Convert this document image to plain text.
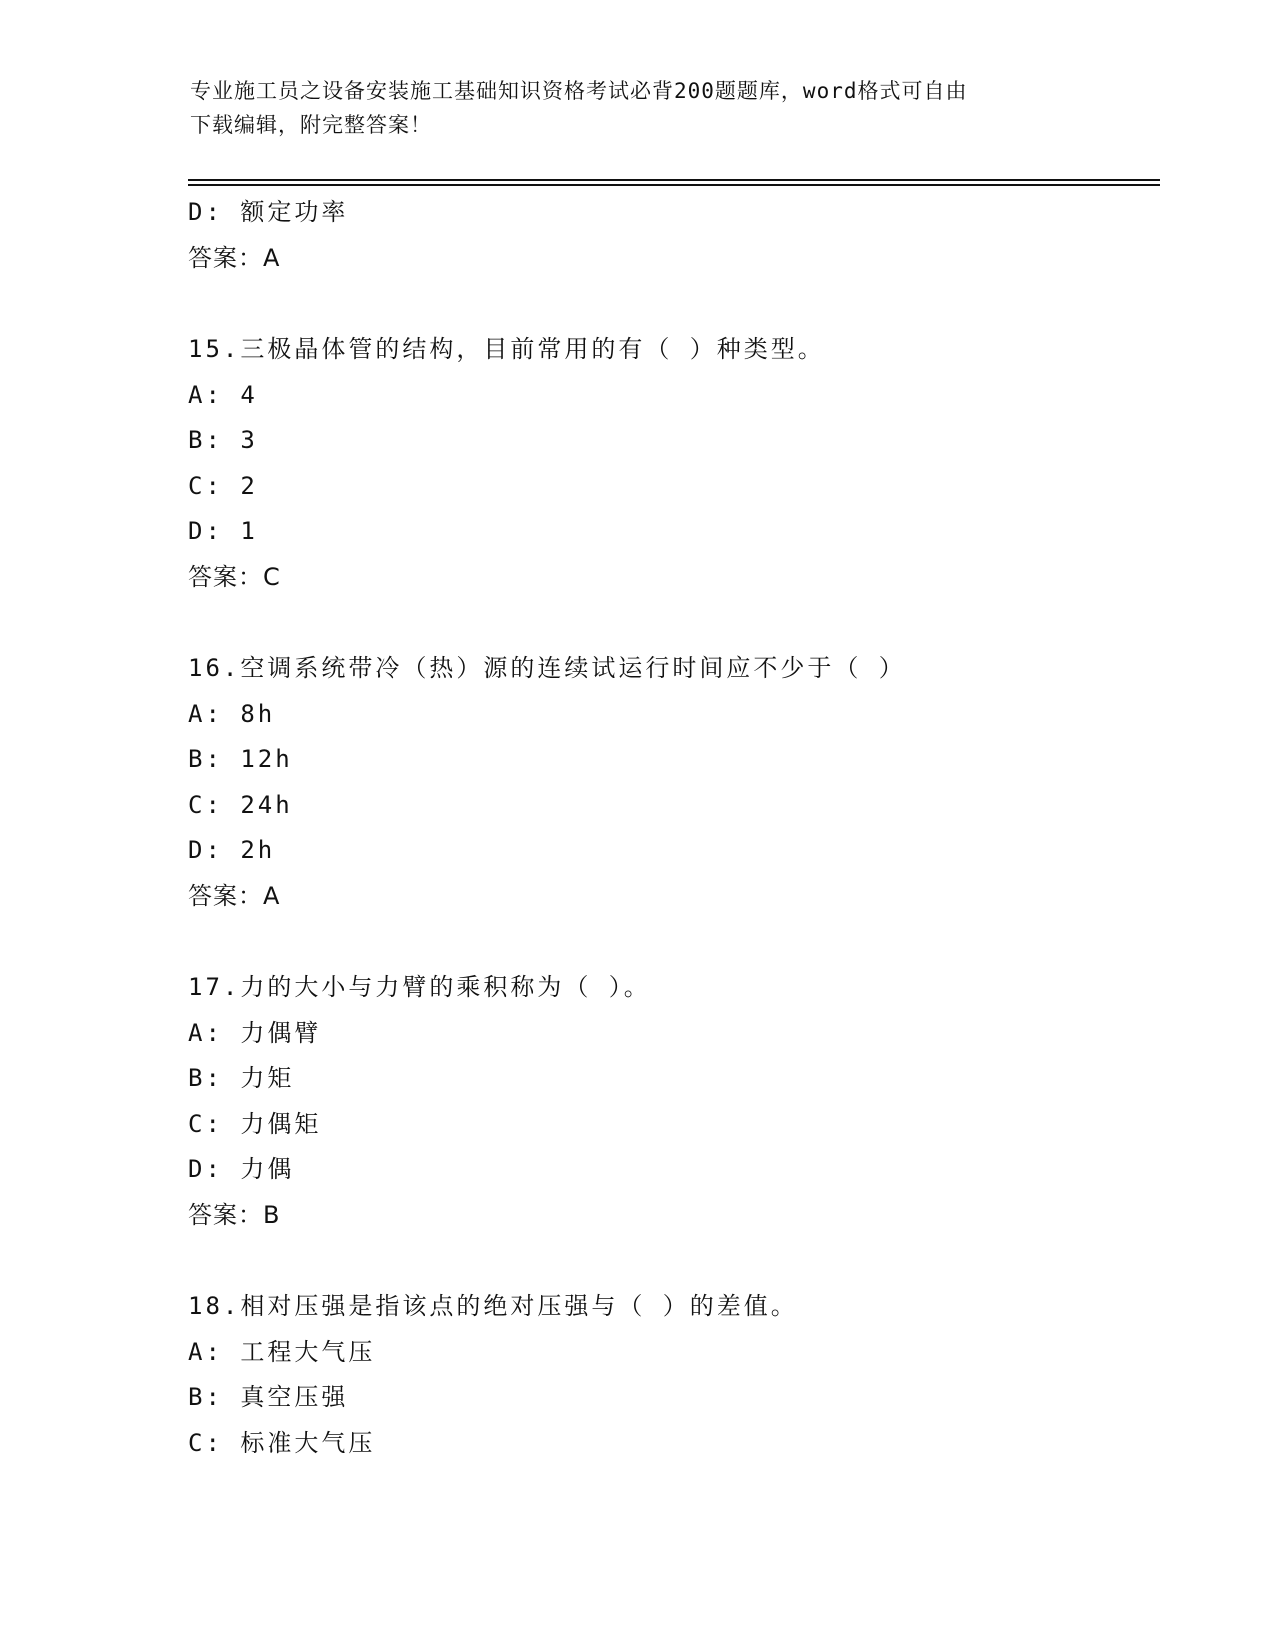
专业施工员之设备安装施工基础知识资格考试必背200题题库，word格式可自由
下载编辑，附完整答案！
D: 额定功率
答案：A
15.三极晶体管的结构，目前常用的有（ ）种类型。
A: 4
B: 3
C: 2
D: 1
答案：C
16.空调系统带冷（热）源的连续试运行时间应不少于（ ）
A: 8h
B: 12h
C: 24h
D: 2h
答案：A
17.力的大小与力臂的乘积称为（ ）。
A: 力偶臂
B: 力矩
C: 力偶矩
D: 力偶
答案：B
18.相对压强是指该点的绝对压强与（ ）的差值。
A: 工程大气压
B: 真空压强
C: 标准大气压
